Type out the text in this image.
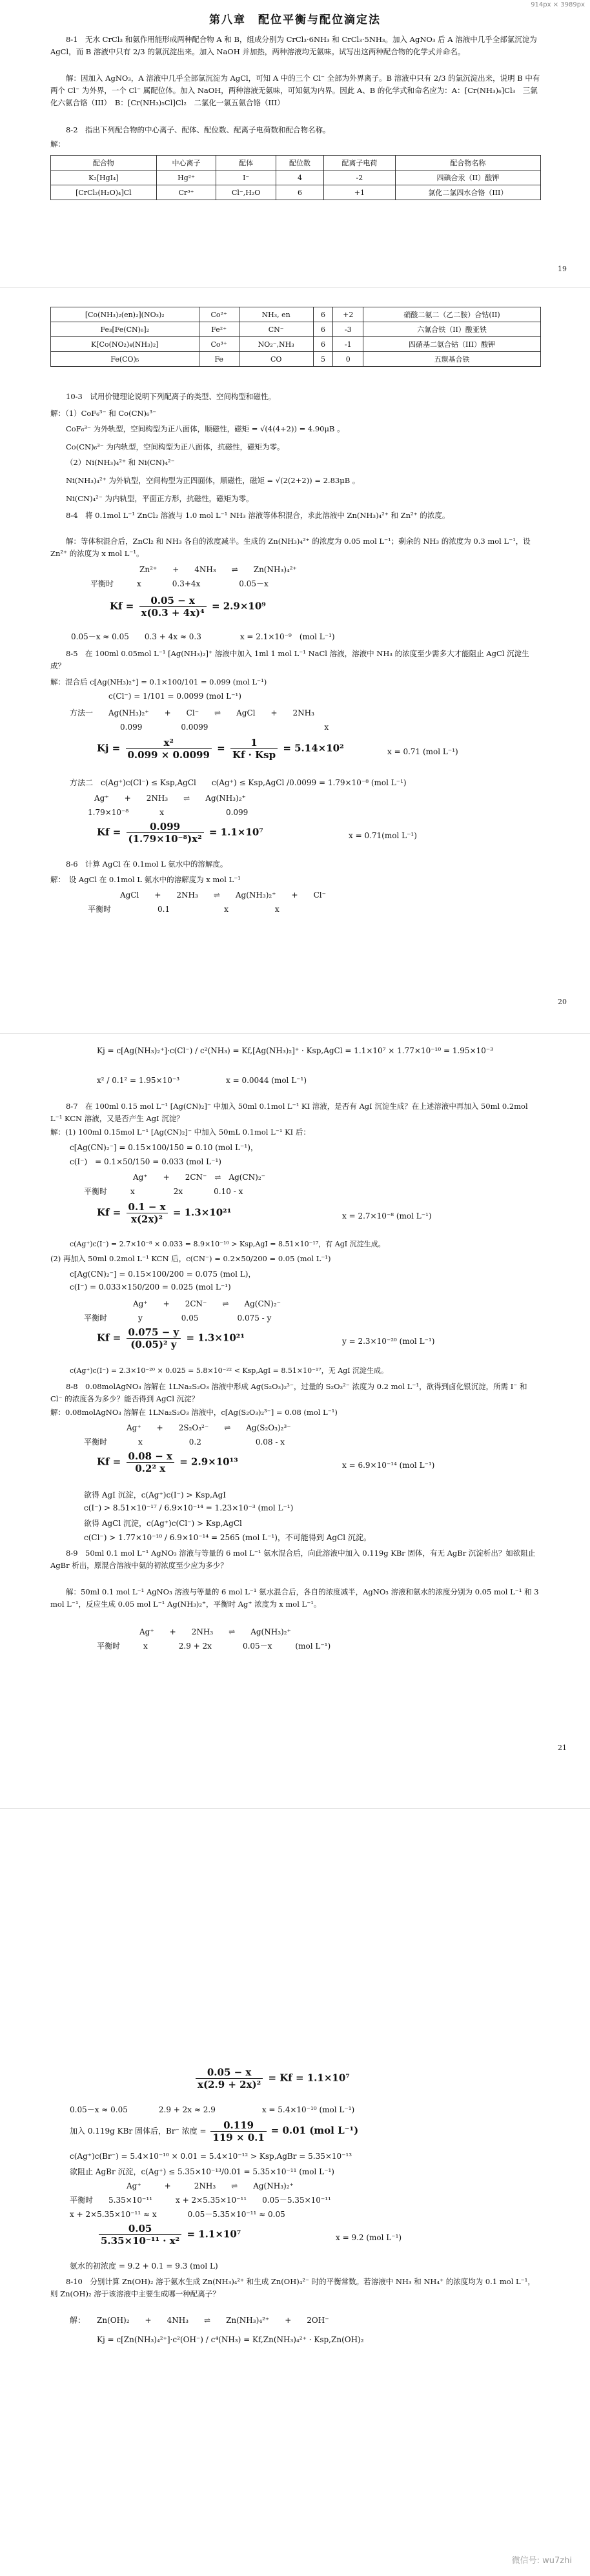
914px × 3989px
第八章　配位平衡与配位滴定法

8-1　无水 CrCl₃ 和氨作用能形成两种配合物 A 和 B，组成分别为 CrCl₃·6NH₃ 和 CrCl₃·5NH₃。加入 AgNO₃ 后 A 溶液中几乎全部氯沉淀为 AgCl，而 B 溶液中只有 2/3 的氯沉淀出来。加入 NaOH 并加热，两种溶液均无氨味。试写出这两种配合物的化学式并命名。

解：因加入 AgNO₃，A 溶液中几乎全部氯沉淀为 AgCl，可知 A 中的三个 Cl⁻ 全部为外界离子。B 溶液中只有 2/3 的氯沉淀出来，说明 B 中有两个 Cl⁻ 为外界，一个 Cl⁻ 属配位体。加入 NaOH，两种溶液无氨味，可知氨为内界。因此 A、B 的化学式和命名应为：A：[Cr(NH₃)₆]Cl₃　三氯化六氨合铬（III）　B：[Cr(NH₃)₅Cl]Cl₂　二氯化一氯五氨合铬（III）

8-2　指出下列配合物的中心离子、配体、配位数、配离子电荷数和配合物名称。

解：

配合物	中心离子	配体	配位数	配离子电荷	配合物名称
K₂[HgI₄]	Hg²⁺	I⁻	4	-2	四碘合汞（II）酸钾
[CrCl₂(H₂O)₄]Cl	Cr³⁺	Cl⁻,H₂O	6	+1	氯化二氯四水合铬（III）
19
[Co(NH₃)₂(en)₂](NO₃)₂	Co²⁺	NH₃, en	6	+2	硝酸二氨二（乙二胺）合钴(II)
Fe₃[Fe(CN)₆]₂	Fe²⁺	CN⁻	6	-3	六氰合铁（II）酸亚铁
K[Co(NO₂)₄(NH₃)₂]	Co³⁺	NO₂⁻,NH₃	6	-1	四硝基二氨合钴（III）酸钾
Fe(CO)₅	Fe	CO	5	0	五羰基合铁

10-3　试用价键理论说明下列配离子的类型、空间构型和磁性。

解：（1）CoF₆³⁻ 和 Co(CN)₆³⁻

CoF₆³⁻ 为外轨型，空间构型为正八面体，顺磁性，磁矩 = √(4(4+2)) = 4.90μB 。

Co(CN)₆³⁻ 为内轨型，空间构型为正八面体，抗磁性，磁矩为零。

（2）Ni(NH₃)₄²⁺ 和 Ni(CN)₄²⁻

Ni(NH₃)₄²⁺ 为外轨型，空间构型为正四面体，顺磁性，磁矩 = √(2(2+2)) = 2.83μB 。

Ni(CN)₄²⁻ 为内轨型，平面正方形，抗磁性，磁矩为零。

8-4　将 0.1mol L⁻¹ ZnCl₂ 溶液与 1.0 mol L⁻¹ NH₃ 溶液等体积混合，求此溶液中 Zn(NH₃)₄²⁺ 和 Zn²⁺ 的浓度。

解：等体积混合后，ZnCl₂ 和 NH₃ 各自的浓度减半。生成的 Zn(NH₃)₄²⁺ 的浓度为 0.05 mol L⁻¹；剩余的 NH₃ 的浓度为 0.3 mol L⁻¹，设 Zn²⁺ 的浓度为 x mol L⁻¹。

Zn²⁺　　+　　4NH₃　　⇌　　Zn(NH₃)₄²⁺
平衡时　　　x　　　　0.3+4x　　　　　0.05－x
$Kf = \frac{0.05 - x}{\text{x(0.3 + 4x)⁴}} = 2.9\times 10^9$
0.05－x ≈ 0.05　　0.3 + 4x ≈ 0.3　　　　　x = 2.1×10⁻⁹　(mol L⁻¹)

8-5　在 100ml 0.05mol L⁻¹ [Ag(NH₃)₂]⁺ 溶液中加入 1ml 1 mol L⁻¹ NaCl 溶液，溶液中 NH₃ 的浓度至少需多大才能阻止 AgCl 沉淀生成？

解：混合后 c[Ag(NH₃)₂⁺] = 0.1×100/101 = 0.099 (mol L⁻¹)

c(Cl⁻) = 1/101 = 0.0099 (mol L⁻¹)
方法一　　Ag(NH₃)₂⁺　　+　　Cl⁻　　⇌　　AgCl　　+　　2NH₃
0.099　　　　　0.0099　　　　　　　　　　　　　　　x
$Kj = \frac{\text{x²}}{0.099 \times 0.0099} = \frac{1}{\text{Kf · Ksp}} = 5.14\times 10^2$	x = 0.71 (mol L⁻¹)
方法二　c(Ag⁺)c(Cl⁻) ≤ Ksp,AgCl　　c(Ag⁺) ≤ Ksp,AgCl /0.0099 = 1.79×10⁻⁸ (mol L⁻¹)
Ag⁺　　+　　2NH₃　　⇌　　Ag(NH₃)₂⁺
1.79×10⁻⁸　　　　x　　　　　　　　0.099
$Kf = \frac{0.099}{\text{(1.79×10⁻⁸)x²}} = 1.1\times 10^7$	x = 0.71(mol L⁻¹)

8-6　计算 AgCl 在 0.1mol L 氨水中的溶解度。

解：　设 AgCl 在 0.1mol L 氨水中的溶解度为 x mol L⁻¹

AgCl　　+　　2NH₃　　⇌　　Ag(NH₃)₂⁺　　+　　Cl⁻
平衡时　　　　　　0.1　　　　　　　x　　　　　　x
20
Kj = c[Ag(NH₃)₂⁺]·c(Cl⁻) / c²(NH₃) = Kf,[Ag(NH₃)₂]⁺ · Ksp,AgCl = 1.1×10⁷ × 1.77×10⁻¹⁰ = 1.95×10⁻³
x² / 0.1² = 1.95×10⁻³　　　　　　x = 0.0044 (mol L⁻¹)

8-7　在 100ml 0.15 mol L⁻¹ [Ag(CN)₂]⁻ 中加入 50ml 0.1mol L⁻¹ KI 溶液，是否有 AgI 沉淀生成？在上述溶液中再加入 50ml 0.2mol L⁻¹ KCN 溶液，又是否产生 AgI 沉淀？

解：(1) 100ml 0.15mol L⁻¹ [Ag(CN)₂]⁻ 中加入 50mL 0.1mol L⁻¹ KI 后：

c[Ag(CN)₂⁻] = 0.15×100/150 = 0.10 (mol L⁻¹)，
c(I⁻)　= 0.1×50/150 = 0.033 (mol L⁻¹)
Ag⁺　　+　　2CN⁻　⇌　Ag(CN)₂⁻
平衡时　　　x　　　　　2x　　　　0.10 - x
$Kf = \frac{0.1 - x}{\text{x(2x)²}} = 1.3\times 10^{21}$	x = 2.7×10⁻⁸ (mol L⁻¹)
c(Ag⁺)c(I⁻) = 2.7×10⁻⁸ × 0.033 = 8.9×10⁻¹⁰ > Ksp,AgI = 8.51×10⁻¹⁷，有 AgI 沉淀生成。

(2) 再加入 50ml 0.2mol L⁻¹ KCN 后，c(CN⁻) = 0.2×50/200 = 0.05 (mol L⁻¹)

c[Ag(CN)₂⁻] = 0.15×100/200 = 0.075 (mol L)，
c(I⁻) = 0.033×150/200 = 0.025 (mol L⁻¹)
Ag⁺　　+　　2CN⁻　　⇌　　Ag(CN)₂⁻
平衡时　　　　y　　　　　0.05　　　　　0.075 - y
$Kf = \frac{0.075 - y}{\text{(0.05)² y}} = 1.3\times 10^{21}$	y = 2.3×10⁻²⁰ (mol L⁻¹)
c(Ag⁺)c(I⁻) = 2.3×10⁻²⁰ × 0.025 = 5.8×10⁻²² < Ksp,AgI = 8.51×10⁻¹⁷，无 AgI 沉淀生成。

8-8　0.08molAgNO₃ 溶解在 1LNa₂S₂O₃ 溶液中形成 Ag(S₂O₃)₂³⁻，过量的 S₂O₃²⁻ 浓度为 0.2 mol L⁻¹，欲得到卤化银沉淀，所需 I⁻ 和 Cl⁻ 的浓度各为多少？能否得到 AgCl 沉淀？

解：0.08molAgNO₃ 溶解在 1LNa₂S₂O₃ 溶液中，c[Ag(S₂O₃)₂³⁻] = 0.08 (mol L⁻¹)

Ag⁺　　+　　2S₂O₃²⁻　　⇌　　Ag(S₂O₃)₂³⁻
平衡时　　　　x　　　　　　0.2　　　　　　　0.08 - x
$Kf = \frac{0.08 - x}{\text{0.2² x}} = 2.9\times 10^{13}$	x = 6.9×10⁻¹⁴ (mol L⁻¹)
欲得 AgI 沉淀，c(Ag⁺)c(I⁻) > Ksp,AgI
c(I⁻) > 8.51×10⁻¹⁷ / 6.9×10⁻¹⁴ = 1.23×10⁻³ (mol L⁻¹)
欲得 AgCl 沉淀，c(Ag⁺)c(Cl⁻) > Ksp,AgCl
c(Cl⁻) > 1.77×10⁻¹⁰ / 6.9×10⁻¹⁴ = 2565 (mol L⁻¹)，不可能得到 AgCl 沉淀。

8-9　50ml 0.1 mol L⁻¹ AgNO₃ 溶液与等量的 6 mol L⁻¹ 氨水混合后，向此溶液中加入 0.119g KBr 固体，有无 AgBr 沉淀析出？如欲阻止 AgBr 析出，原混合溶液中氨的初浓度至少应为多少？

解：50ml 0.1 mol L⁻¹ AgNO₃ 溶液与等量的 6 mol L⁻¹ 氨水混合后，各自的浓度减半，AgNO₃ 溶液和氨水的浓度分别为 0.05 mol L⁻¹ 和 3 mol L⁻¹，反应生成 0.05 mol L⁻¹ Ag(NH₃)₂⁺，平衡时 Ag⁺ 浓度为 x mol L⁻¹。

Ag⁺　　+　　2NH₃　　⇌　　Ag(NH₃)₂⁺
平衡时　　　x　　　　2.9 + 2x　　　　0.05－x　　　(mol L⁻¹)
21
$\frac{0.05 - x}{\text{x(2.9 + 2x)²}} = Kf = 1.1\times 10^7$
0.05－x ≈ 0.05　　　　2.9 + 2x ≈ 2.9　　　　　　x = 5.4×10⁻¹⁰ (mol L⁻¹)
加入 0.119g KBr 固体后，Br⁻ 浓度 = $\frac{0.119}{119 \times 0.1} = 0.01$ (mol L⁻¹)
c(Ag⁺)c(Br⁻) = 5.4×10⁻¹⁰ × 0.01 = 5.4×10⁻¹² > Ksp,AgBr = 5.35×10⁻¹³
欲阻止 AgBr 沉淀，c(Ag⁺) ≤ 5.35×10⁻¹³/0.01 = 5.35×10⁻¹¹ (mol L⁻¹)
Ag⁺　　　+　　　2NH₃　　⇌　　Ag(NH₃)₂⁺
平衡时　　5.35×10⁻¹¹　　　x + 2×5.35×10⁻¹¹　　0.05－5.35×10⁻¹¹
x + 2×5.35×10⁻¹¹ ≈ x　　　　0.05－5.35×10⁻¹¹ ≈ 0.05
$\frac{0.05}{\text{5.35×10⁻¹¹ · x²}} = 1.1\times 10^7$	x = 9.2 (mol L⁻¹)
氨水的初浓度 = 9.2 + 0.1 = 9.3 (mol L)

8-10　分别计算 Zn(OH)₂ 溶于氨水生成 Zn(NH₃)₄²⁺ 和生成 Zn(OH)₄²⁻ 时的平衡常数。若溶液中 NH₃ 和 NH₄⁺ 的浓度均为 0.1 mol L⁻¹，则 Zn(OH)₂ 溶于该溶液中主要生成哪一种配离子？

解：　　Zn(OH)₂　　+　　4NH₃　　⇌　　Zn(NH₃)₄²⁺　　+　　2OH⁻
Kj = c[Zn(NH₃)₄²⁺]·c²(OH⁻) / c⁴(NH₃) = Kf,Zn(NH₃)₄²⁺ · Ksp,Zn(OH)₂
微信号: wu7zhi
